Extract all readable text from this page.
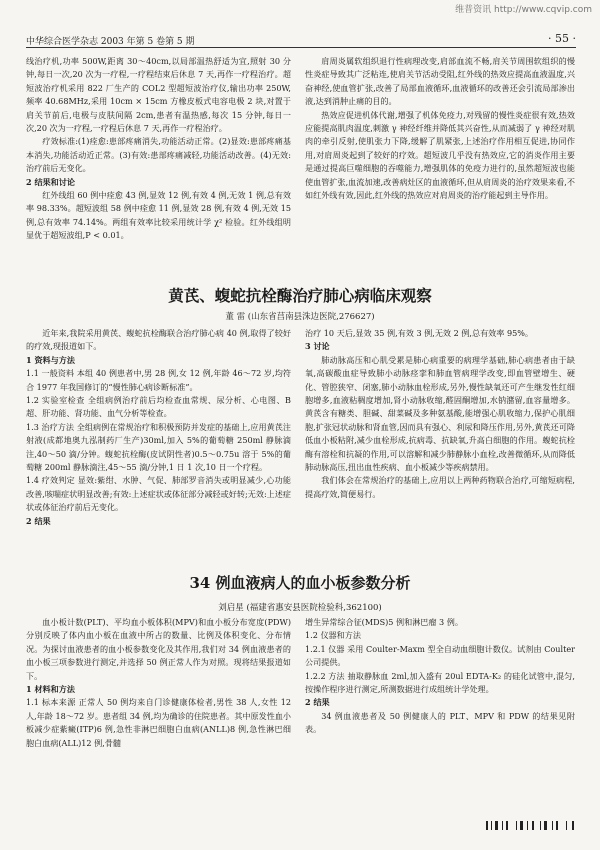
维普资讯 http://www.cqvip.com
中华综合医学杂志 2003 年第 5 卷第 5 期	· 55 ·

线治疗机,功率 500W,距离 30～40cm,以局部温热舒适为宜,照射 30 分钟,每日一次,20 次为一疗程,一疗程结束后休息 7 天,再作一疗程治疗。超短波治疗机采用 822 厂生产的 COL2 型超短波治疗仪,输出功率 250W,频率 40.68MHz,采用 10cm × 15cm 方橡皮板式电容电极 2 块,对置于肩关节前后,电极与皮肤间隔 2cm,患者有温热感,每次 15 分钟,每日一次,20 次为一疗程,一疗程后休息 7 天,再作一疗程治疗。

疗效标准:(1)痊愈:患部疼痛消失,功能活动正常。(2)显效:患部疼痛基本消失,功能活动近正常。(3)有效:患部疼痛减轻,功能活动改善。(4)无效:治疗前后无变化。

2 结果和讨论

红外线组 60 例中痊愈 43 例,显效 12 例,有效 4 例,无效 1 例,总有效率 98.33%。超短波组 58 例中痊愈 11 例,显效 28 例,有效 4 例,无效 15 例,总有效率 74.14%。两组有效率比较采用统计学 χ² 检验。红外线组明显优于超短波组,P < 0.01。

肩周炎属软组织退行性病理改变,肩部血流不畅,肩关节周围软组织的慢性炎症导致其广泛粘连,使肩关节活动受阻,红外线的热效应提高血液温度,兴奋神经,使血管扩张,改善了局部血液循环,血液循环的改善还会引流局部渗出液,达到消肿止痛的目的。

热效应促进机体代谢,增强了机体免疫力,对残留的慢性炎症很有效,热效应能提高肌肉温度,刺激 γ 神经纤维并降低其兴奋性,从而减弱了 γ 神经对肌肉的牵引反射,使肌张力下降,缓解了肌紧张,上述治疗作用相互促进,协同作用,对肩周炎起到了较好的疗效。超短波几乎没有热效应,它的消炎作用主要是通过提高巨噬细胞的吞噬能力,增强肌体的免疫力进行的,虽然超短波也能使血管扩张,血流加速,改善病灶区的血液循环,但从肩周炎的治疗效果来看,不如红外线有效,因此,红外线的热效应对肩周炎的治疗能起到主导作用。

黄芪、蝮蛇抗栓酶治疗肺心病临床观察
董 雷 (山东省莒南县洙边医院,276627)

近年来,我院采用黄芪、蝮蛇抗栓酶联合治疗肺心病 40 例,取得了较好的疗效,现报道如下。

1 资料与方法

1.1 一般资料 本组 40 例患者中,男 28 例,女 12 例,年龄 46～72 岁,均符合 1977 年我国修订的“慢性肺心病诊断标准”。

1.2 实验室检查 全组病例治疗前后均检查血常规、尿分析、心电图、B 超、肝功能、肾功能、血气分析等检查。

1.3 治疗方法 全组病例在常规治疗和积极预防并发症的基础上,应用黄芪注射液(成都地奥九泓制药厂生产)30ml,加入 5%的葡萄糖 250ml 静脉滴注,40～50 滴/分钟。蝮蛇抗栓酶(皮试阴性者)0.5～0.75u 溶于 5%的葡萄糖 200ml 静脉滴注,45～55 滴/分钟,1 日 1 次,10 日一个疗程。

1.4 疗效判定 显效:紫绀、水肿、气促、肺部罗音消失或明显减少,心功能改善,咳喘症状明显改善;有效:上述症状或体征部分减轻或好转;无效:上述症状或体征治疗前后无变化。

2 结果

治疗 10 天后,显效 35 例,有效 3 例,无效 2 例,总有效率 95%。

3 讨论

肺动脉高压和心肌受累是肺心病重要的病理学基础,肺心病患者由于缺氧,高碳酸血症导致肺小动脉痉挛和肺血管病理学改变,即血管壁增生、硬化、管腔狭窄、闭塞,肺小动脉血栓形成,另外,慢性缺氧还可产生继发性红细胞增多,血液粘稠度增加,肾小动脉收缩,醛固酮增加,水钠潴留,血容量增多。黄芪含有糖类、胆碱、甜菜碱及多种氨基酸,能增强心肌收缩力,保护心肌细胞,扩张冠状动脉和肾血管,因而具有强心、利尿和降压作用,另外,黄芪还可降低血小板粘附,减少血栓形成,抗病毒、抗缺氧,升高白细胞的作用。蝮蛇抗栓酶有溶栓和抗凝的作用,可以溶解和减少肺静脉小血栓,改善微循环,从而降低肺动脉高压,扭出血性疾病、血小板减少等疾病禁用。

我们体会在常规治疗的基础上,应用以上两种药物联合治疗,可缩短病程,提高疗效,简便易行。

34 例血液病人的血小板参数分析
刘启星 (福建省惠安县医院检验科,362100)

血小板计数(PLT)、平均血小板体积(MPV)和血小板分布宽度(PDW)分别反映了体内血小板在血液中所占的数量、比例及体积变化、分布情况。为探讨血液患者的血小板参数变化及其作用,我们对 34 例血液患者的血小板三项参数进行测定,并选择 50 例正常人作为对照。现将结果报道如下。

1 材料和方法

1.1 标本来源 正常人 50 例均来自门诊健康体检者,男性 38 人,女性 12 人,年龄 18～72 岁。患者组 34 例,均为确诊的住院患者。其中原发性血小板减少症紫癜(ITP)6 例,急性非淋巴细胞白血病(ANLL)8 例,急性淋巴细胞白血病(ALL)12 例,骨髓

增生异常综合征(MDS)5 例和淋巴瘤 3 例。

1.2 仪器和方法

1.2.1 仪器 采用 Coulter-Maxm 型全自动血细胞计数仪。试剂由 Coulter 公司提供。

1.2.2 方法 抽取静脉血 2ml,加入盛有 20ul EDTA-K₂ 的硅化试管中,混匀,按操作程序进行测定,所测数据进行成组统计学处理。

2 结果

34 例血液患者及 50 例健康人的 PLT、MPV 和 PDW 的结果见附表。
